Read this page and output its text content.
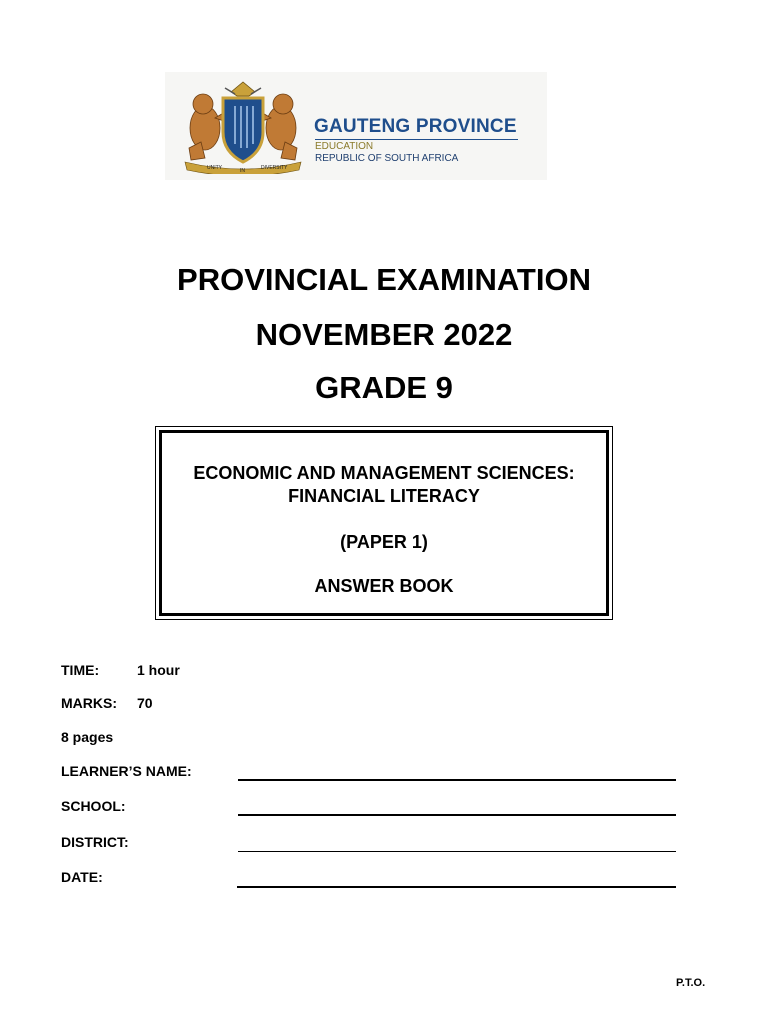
UNITY	IN	DIVERSITY
GAUTENG PROVINCE
EDUCATION
REPUBLIC OF SOUTH AFRICA
PROVINCIAL EXAMINATION
NOVEMBER 2022
GRADE 9
ECONOMIC AND MANAGEMENT SCIENCES:
FINANCIAL LITERACY
(PAPER 1)
ANSWER BOOK
TIME:	1 hour
MARKS: 70
8 pages
LEARNER’S NAME:
SCHOOL:
DISTRICT:
DATE:
P.T.O.
